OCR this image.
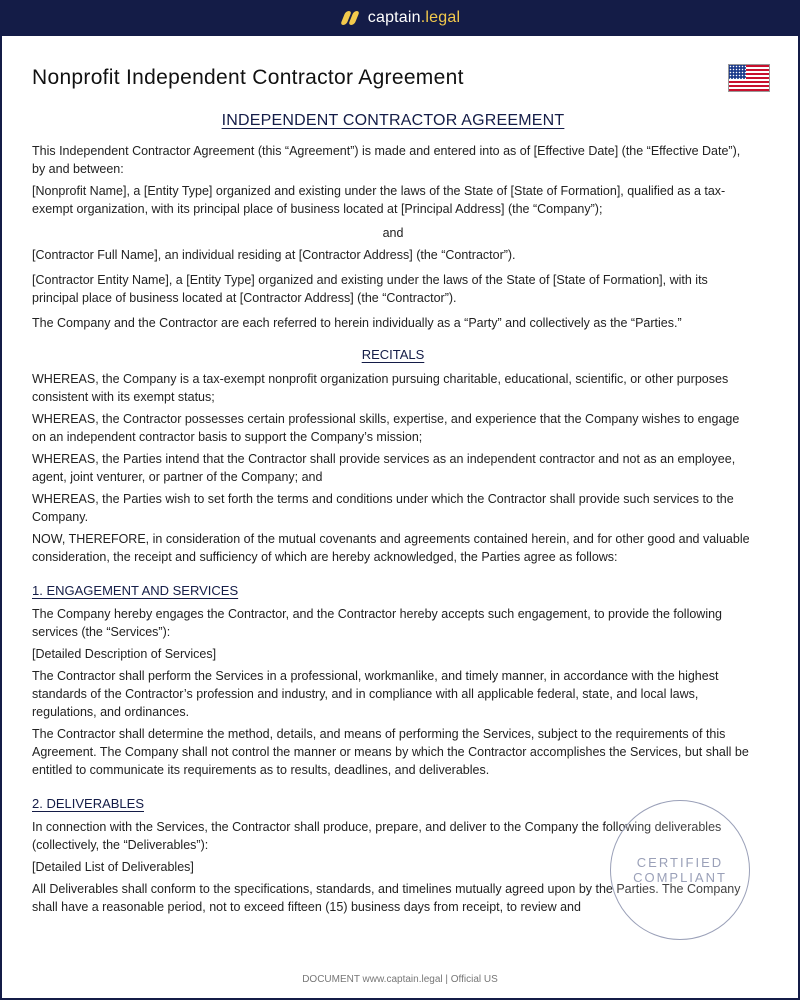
captain.legal
Nonprofit Independent Contractor Agreement
INDEPENDENT CONTRACTOR AGREEMENT

This Independent Contractor Agreement (this “Agreement”) is made and entered into as of [Effective Date] (the “Effective Date”), by and between:

[Nonprofit Name], a [Entity Type] organized and existing under the laws of the State of [State of Formation], qualified as a tax-exempt organization, with its principal place of business located at [Principal Address] (the “Company”);

and

[Contractor Full Name], an individual residing at [Contractor Address] (the “Contractor”).

[Contractor Entity Name], a [Entity Type] organized and existing under the laws of the State of [State of Formation], with its principal place of business located at [Contractor Address] (the “Contractor”).

The Company and the Contractor are each referred to herein individually as a “Party” and collectively as the “Parties.”

RECITALS

WHEREAS, the Company is a tax-exempt nonprofit organization pursuing charitable, educational, scientific, or other purposes consistent with its exempt status;

WHEREAS, the Contractor possesses certain professional skills, expertise, and experience that the Company wishes to engage on an independent contractor basis to support the Company’s mission;

WHEREAS, the Parties intend that the Contractor shall provide services as an independent contractor and not as an employee, agent, joint venturer, or partner of the Company; and

WHEREAS, the Parties wish to set forth the terms and conditions under which the Contractor shall provide such services to the Company.

NOW, THEREFORE, in consideration of the mutual covenants and agreements contained herein, and for other good and valuable consideration, the receipt and sufficiency of which are hereby acknowledged, the Parties agree as follows:

1. ENGAGEMENT AND SERVICES

The Company hereby engages the Contractor, and the Contractor hereby accepts such engagement, to provide the following services (the “Services”):

[Detailed Description of Services]

The Contractor shall perform the Services in a professional, workmanlike, and timely manner, in accordance with the highest standards of the Contractor’s profession and industry, and in compliance with all applicable federal, state, and local laws, regulations, and ordinances.

The Contractor shall determine the method, details, and means of performing the Services, subject to the requirements of this Agreement. The Company shall not control the manner or means by which the Contractor accomplishes the Services, but shall be entitled to communicate its requirements as to results, deadlines, and deliverables.

2. DELIVERABLES

In connection with the Services, the Contractor shall produce, prepare, and deliver to the Company the following deliverables (collectively, the “Deliverables”):

[Detailed List of Deliverables]

All Deliverables shall conform to the specifications, standards, and timelines mutually agreed upon by the Parties. The Company shall have a reasonable period, not to exceed fifteen (15) business days from receipt, to review and

CERTIFIED
COMPLIANT
DOCUMENT www.captain.legal | Official US
